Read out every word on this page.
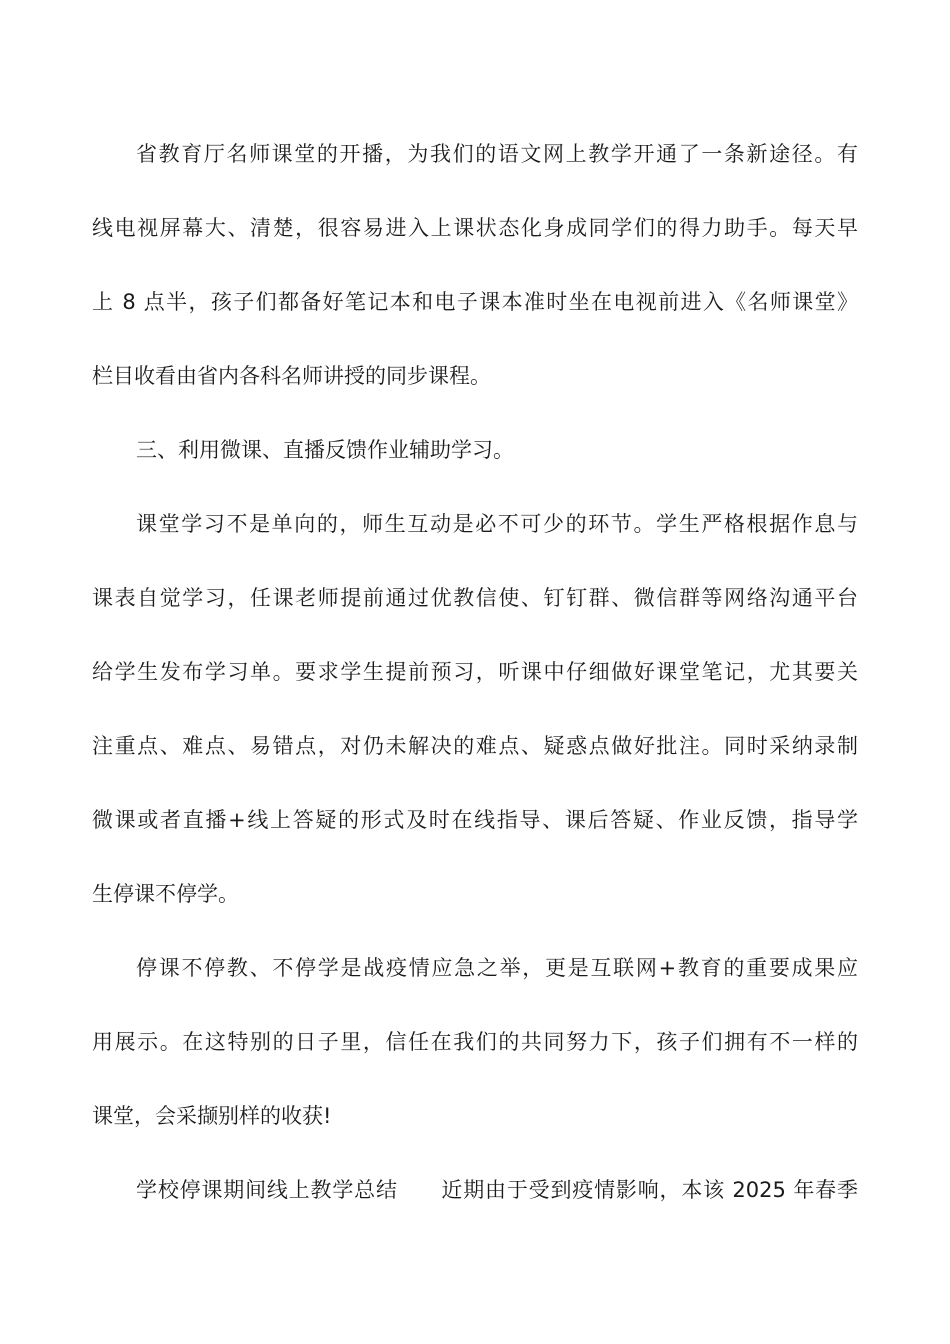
省教育厅名师课堂的开播，为我们的语文网上教学开通了一条新途径。有
线电视屏幕大、清楚，很容易进入上课状态化身成同学们的得力助手。每天早
上 8 点半，孩子们都备好笔记本和电子课本准时坐在电视前进入《名师课堂》
栏目收看由省内各科名师讲授的同步课程。
三、利用微课、直播反馈作业辅助学习。
课堂学习不是单向的，师生互动是必不可少的环节。学生严格根据作息与
课表自觉学习，任课老师提前通过优教信使、钉钉群、微信群等网络沟通平台
给学生发布学习单。要求学生提前预习，听课中仔细做好课堂笔记，尤其要关
注重点、难点、易错点，对仍未解决的难点、疑惑点做好批注。同时采纳录制
微课或者直播+线上答疑的形式及时在线指导、课后答疑、作业反馈，指导学
生停课不停学。
停课不停教、不停学是战疫情应急之举，更是互联网+教育的重要成果应
用展示。在这特别的日子里，信任在我们的共同努力下，孩子们拥有不一样的
课堂，会采撷别样的收获!
学校停课期间线上教学总结　　近期由于受到疫情影响，本该 2025 年春季
